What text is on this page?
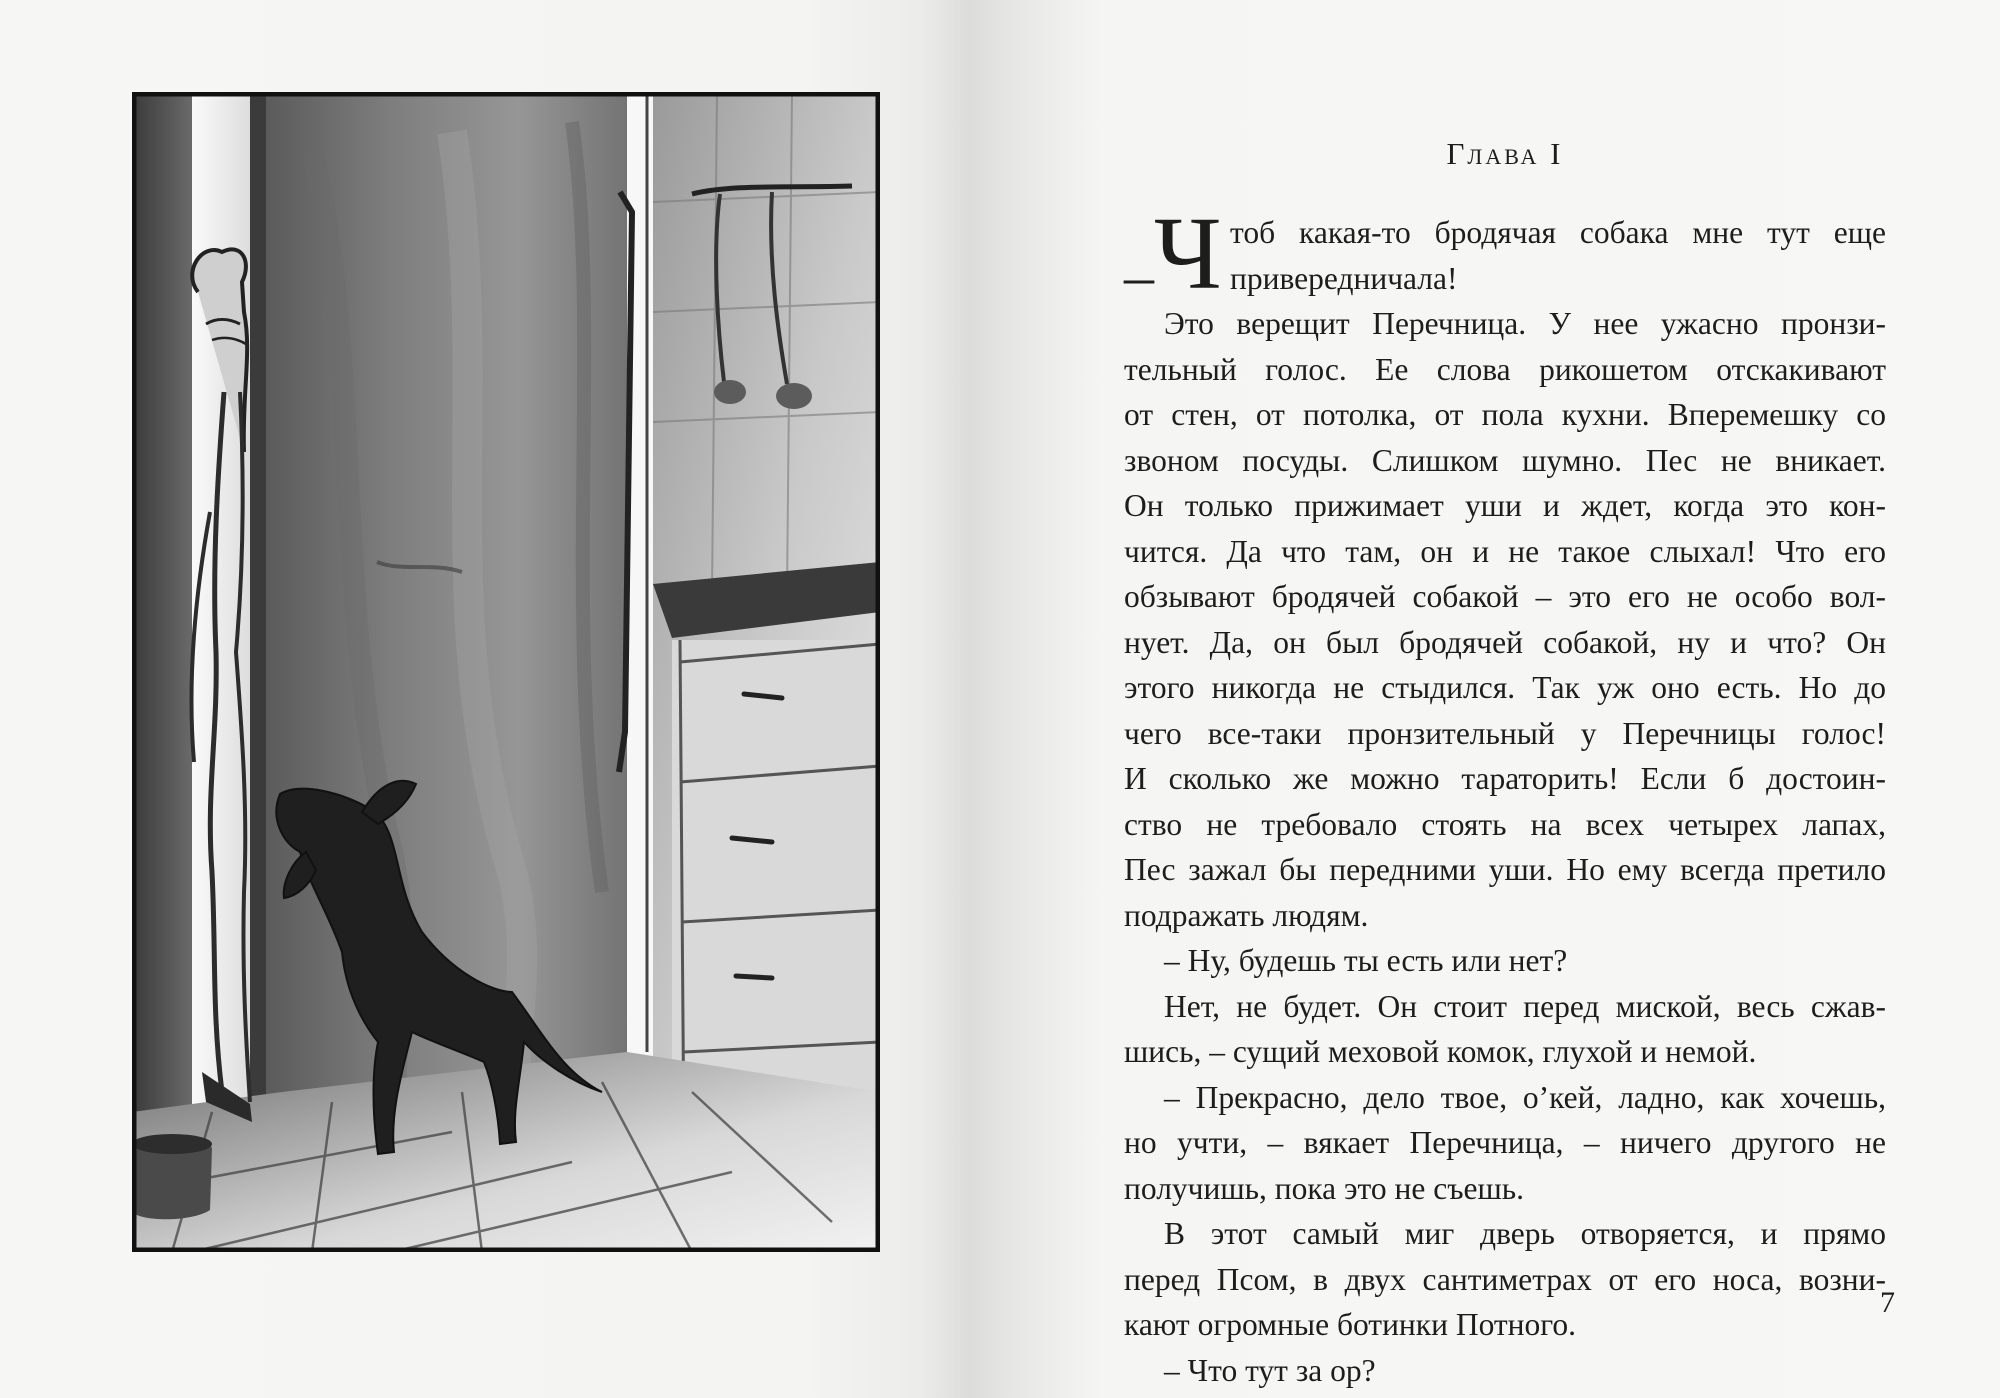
Глава I
–Ч тоб какая-то бродячая собака мне тут еще
привередничала!
Это верещит Перечница. У нее ужасно пронзи-
тельный голос. Ее слова рикошетом отскакивают
от стен, от потолка, от пола кухни. Вперемешку со
звоном посуды. Слишком шумно. Пес не вникает.
Он только прижимает уши и ждет, когда это кон-
чится. Да что там, он и не такое слыхал! Что его
обзывают бродячей собакой – это его не особо вол-
нует. Да, он был бродячей собакой, ну и что? Он
этого никогда не стыдился. Так уж оно есть. Но до
чего все-таки пронзительный у Перечницы голос!
И сколько же можно тараторить! Если б достоин-
ство не требовало стоять на всех четырех лапах,
Пес зажал бы передними уши. Но ему всегда претило
подражать людям.
– Ну, будешь ты есть или нет?
Нет, не будет. Он стоит перед миской, весь сжав-
шись, – сущий меховой комок, глухой и немой.
– Прекрасно, дело твое, о’кей, ладно, как хочешь,
но учти, – вякает Перечница, – ничего другого не
получишь, пока это не съешь.
В этот самый миг дверь отворяется, и прямо
перед Псом, в двух сантиметрах от его носа, возни-
кают огромные ботинки Потного.
– Что тут за ор?
7
